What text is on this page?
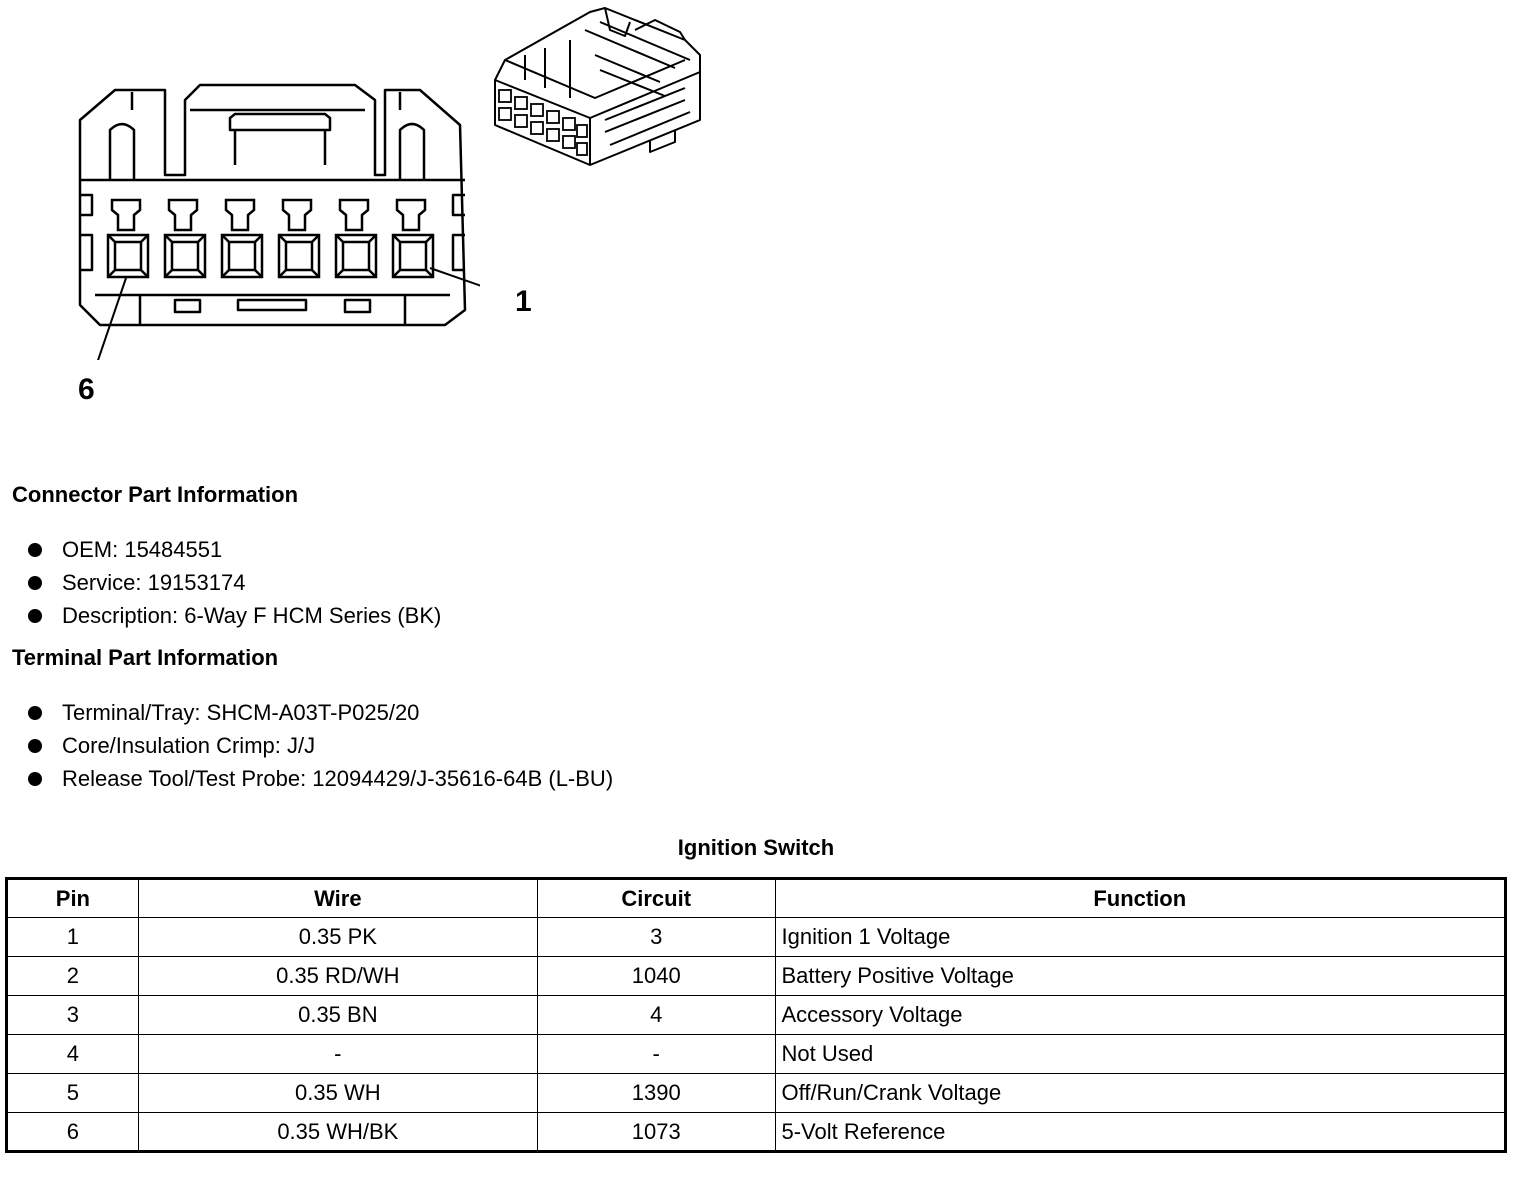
1
6
Connector Part Information
OEM: 15484551
Service: 19153174
Description: 6-Way F HCM Series (BK)
Terminal Part Information
Terminal/Tray: SHCM-A03T-P025/20
Core/Insulation Crimp: J/J
Release Tool/Test Probe: 12094429/J-35616-64B (L-BU)
Ignition Switch
Pin	Wire	Circuit	Function
1	0.35 PK	3	Ignition 1 Voltage
2	0.35 RD/WH	1040	Battery Positive Voltage
3	0.35 BN	4	Accessory Voltage
4	-	-	Not Used
5	0.35 WH	1390	Off/Run/Crank Voltage
6	0.35 WH/BK	1073	5-Volt Reference
